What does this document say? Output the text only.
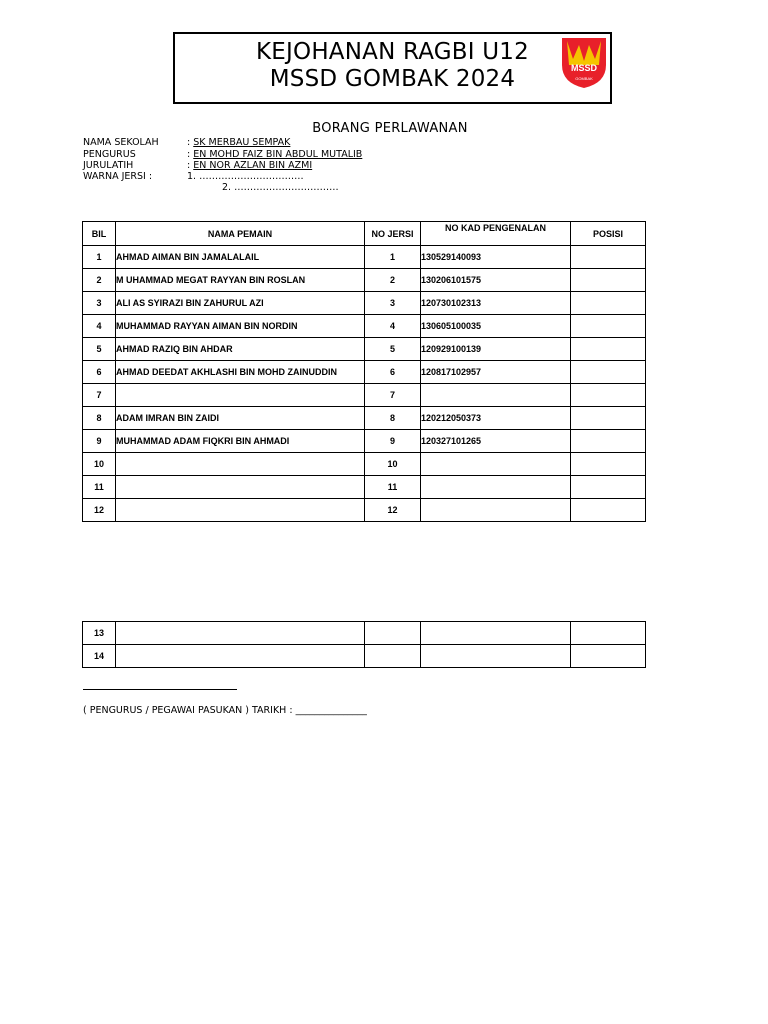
KEJOHANAN RAGBI U12
MSSD GOMBAK 2024	MSSD
GOMBAK
BORANG PERLAWANAN
NAMA SEKOLAH	: SK MERBAU SEMPAK
PENGURUS	: EN MOHD FAIZ BIN ABDUL MUTALIB
JURULATIH	: EN NOR AZLAN BIN AZMI
WARNA JERSI :	1. ……………………………
2. ……………………………
BIL	NAMA PEMAIN	NO JERSI	NO KAD PENGENALAN	POSISI
1	AHMAD AIMAN BIN JAMALALAIL	1	130529140093	
2	M UHAMMAD MEGAT RAYYAN BIN ROSLAN	2	130206101575	
3	ALI AS SYIRAZI BIN ZAHURUL AZI	3	120730102313	
4	MUHAMMAD RAYYAN AIMAN BIN NORDIN	4	130605100035	
5	AHMAD RAZIQ BIN AHDAR	5	120929100139	
6	AHMAD DEEDAT AKHLASHI BIN MOHD ZAINUDDIN	6	120817102957	
7		7		
8	ADAM IMRAN BIN ZAIDI	8	120212050373	
9	MUHAMMAD ADAM FIQKRI BIN AHMADI	9	120327101265	
10		10		
11		11		
12		12		
13				
14				
( PENGURUS / PEGAWAI PASUKAN ) TARIKH : _______________
